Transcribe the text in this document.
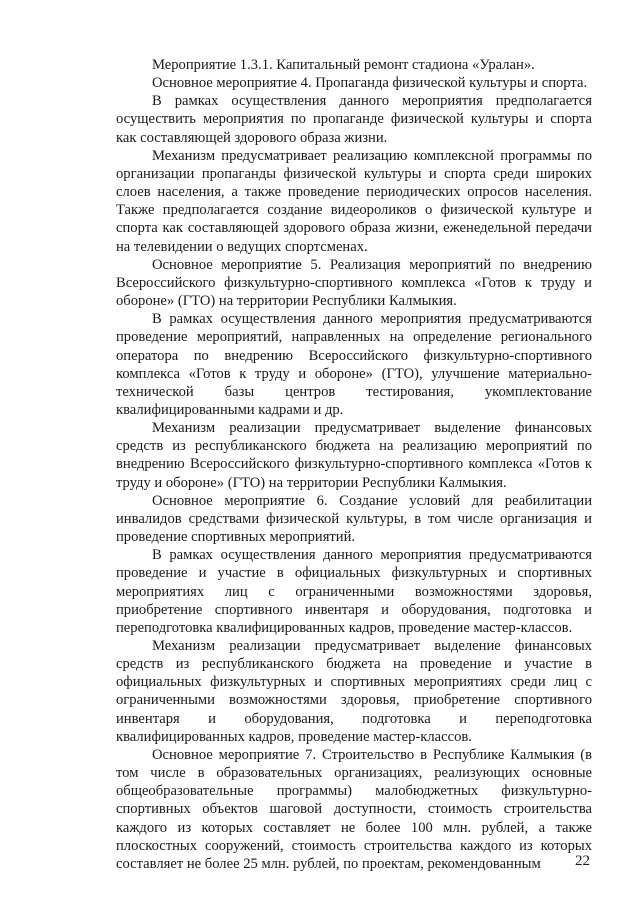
Мероприятие 1.3.1. Капитальный ремонт стадиона «Уралан».

Основное мероприятие 4. Пропаганда физической культуры и спорта.

В рамках осуществления данного мероприятия предполагается осуществить мероприятия по пропаганде физической культуры и спорта как составляющей здорового образа жизни.

Механизм предусматривает реализацию комплексной программы по организации пропаганды физической культуры и спорта среди широких слоев населения, а также проведение периодических опросов населения. Также предполагается создание видеороликов о физической культуре и спорта как составляющей здорового образа жизни, еженедельной передачи на телевидении о ведущих спортсменах.

Основное мероприятие 5. Реализация мероприятий по внедрению Всероссийского физкультурно-спортивного комплекса «Готов к труду и обороне» (ГТО) на территории Республики Калмыкия.

В рамках осуществления данного мероприятия предусматриваются проведение мероприятий, направленных на определение регионального оператора по внедрению Всероссийского физкультурно-спортивного комплекса «Готов к труду и обороне» (ГТО), улучшение материально-технической базы центров тестирования, укомплектование квалифицированными кадрами и др.

Механизм реализации предусматривает выделение финансовых средств из республиканского бюджета на реализацию мероприятий по внедрению Всероссийского физкультурно-спортивного комплекса «Готов к труду и обороне» (ГТО) на территории Республики Калмыкия.

Основное мероприятие 6. Создание условий для реабилитации инвалидов средствами физической культуры, в том числе организация и проведение спортивных мероприятий.

В рамках осуществления данного мероприятия предусматриваются проведение и участие в официальных физкультурных и спортивных мероприятиях лиц с ограниченными возможностями здоровья, приобретение спортивного инвентаря и оборудования, подготовка и переподготовка квалифицированных кадров, проведение мастер-классов.

Механизм реализации предусматривает выделение финансовых средств из республиканского бюджета на проведение и участие в официальных физкультурных и спортивных мероприятиях среди лиц с ограниченными возможностями здоровья, приобретение спортивного инвентаря и оборудования, подготовка и переподготовка квалифицированных кадров, проведение мастер-классов.

Основное мероприятие 7. Строительство в Республике Калмыкия (в том числе в образовательных организациях, реализующих основные общеобразовательные программы) малобюджетных физкультурно-спортивных объектов шаговой доступности, стоимость строительства каждого из которых составляет не более 100 млн. рублей, а также плоскостных сооружений, стоимость строительства каждого из которых составляет не более 25 млн. рублей, по проектам, рекомендованным	22
